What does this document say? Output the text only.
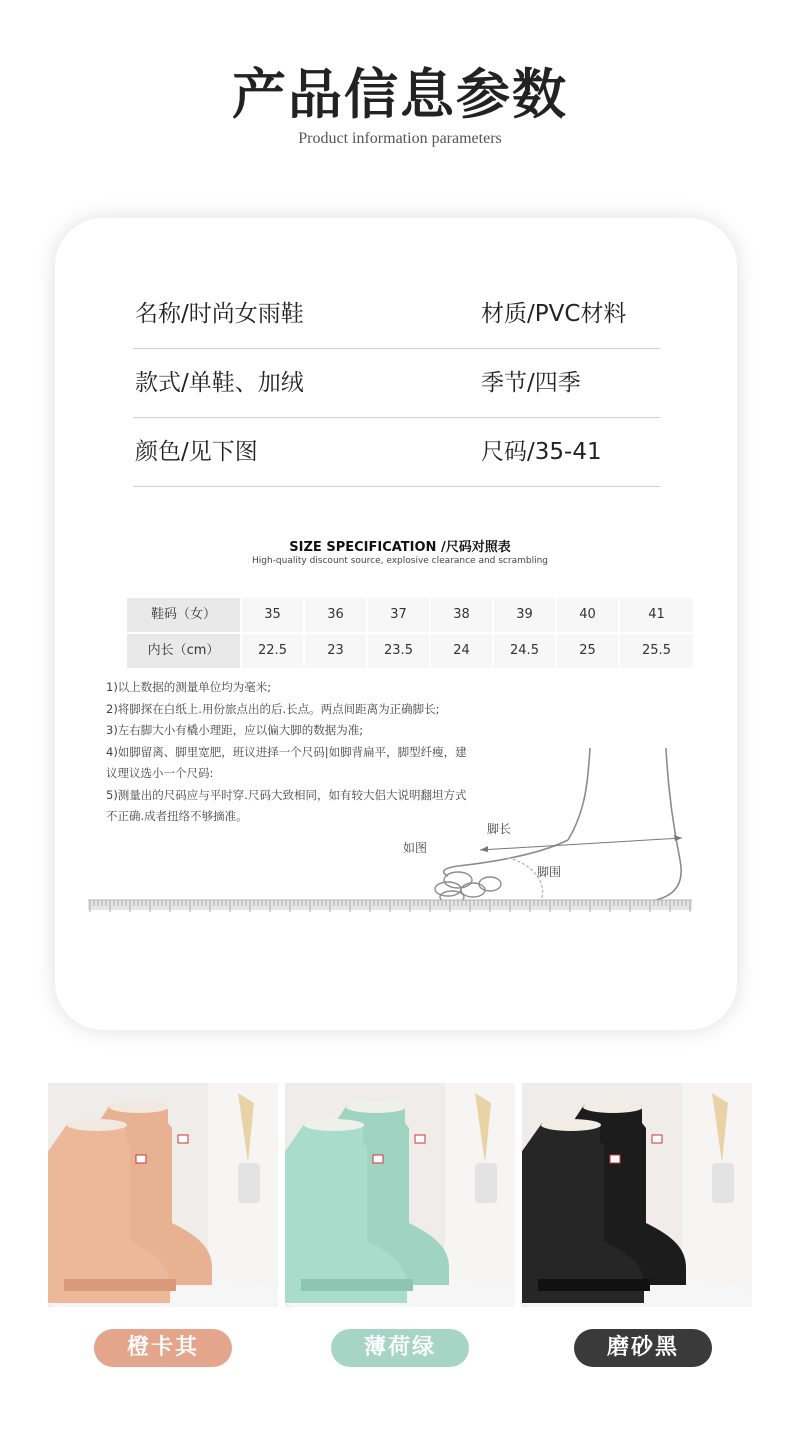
产品信息参数
Product information parameters
名称/时尚女雨鞋	材质/PVC材料
款式/单鞋、加绒	季节/四季
颜色/见下图	尺码/35-41
SIZE SPECIFICATION /尺码对照表
High-quality discount source, explosive clearance and scrambling
鞋码（女）	35	36	37	38	39	40	41
内长（cm）	22.5	23	23.5	24	24.5	25	25.5
1)以上数据的测量单位均为毫米;
2)将脚探在白纸上.用份旅点出的后.长点。两点间距离为正确脚长;
3)左右脚大小有橇小理距，应以偏大脚的数据为准;
4)如脚留离、脚里宽肥，班议进择一个尺码|如脚背扁平，脚型纤瘦，建
议理议选小一个尺码:
5)测量出的尺码应与平时穿.尺码大致相同，如有较大侣大说明翻坦方式
不正确.成者扭络不够摘准。
脚长
如图
脚围
橙卡其	薄荷绿	磨砂黑
